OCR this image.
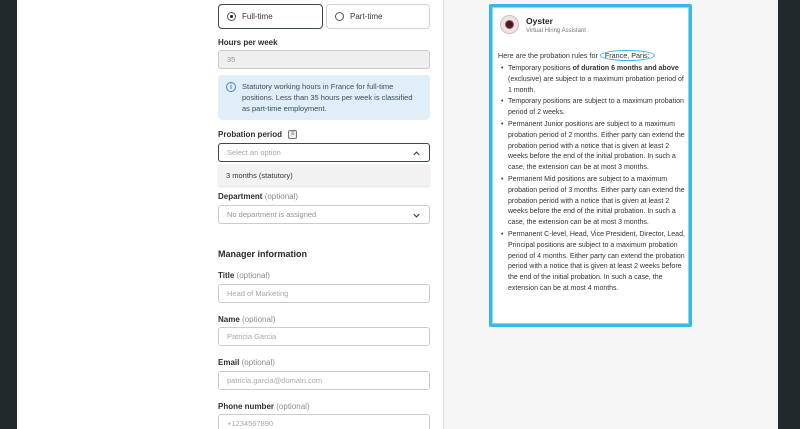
Full-time	Part-time
Hours per week
35
i	Statutory working hours in France for full-time positions. Less than 35 hours per week is classified as part-time employment.
Probation period ≡
Select an option
3 months (statutory)
Department (optional)
No department is assigned
Manager information
Title (optional)
Head of Marketing
Name (optional)
Patricia Garcia
Email (optional)
patricia.garcia@domain.com
Phone number (optional)
+1234567890
Oyster
Virtual Hiring Assistant
Here are the probation rules for France, Paris:
• Temporary positions of duration 6 months and above (exclusive) are subject to a maximum probation period of 1 month.
• Temporary positions are subject to a maximum probation period of 2 weeks.
• Permanent Junior positions are subject to a maximum probation period of 2 months. Either party can extend the probation period with a notice that is given at least 2 weeks before the end of the initial probation. In such a case, the extension can be at most 3 months.
• Permanent Mid positions are subject to a maximum probation period of 3 months. Either party can extend the probation period with a notice that is given at least 2 weeks before the end of the initial probation. In such a case, the extension can be at most 3 months.
• Permanent C-level, Head, Vice President, Director, Lead, Principal positions are subject to a maximum probation period of 4 months. Either party can extend the probation period with a notice that is given at least 2 weeks before the end of the initial probation. In such a case, the extension can be at most 4 months.
